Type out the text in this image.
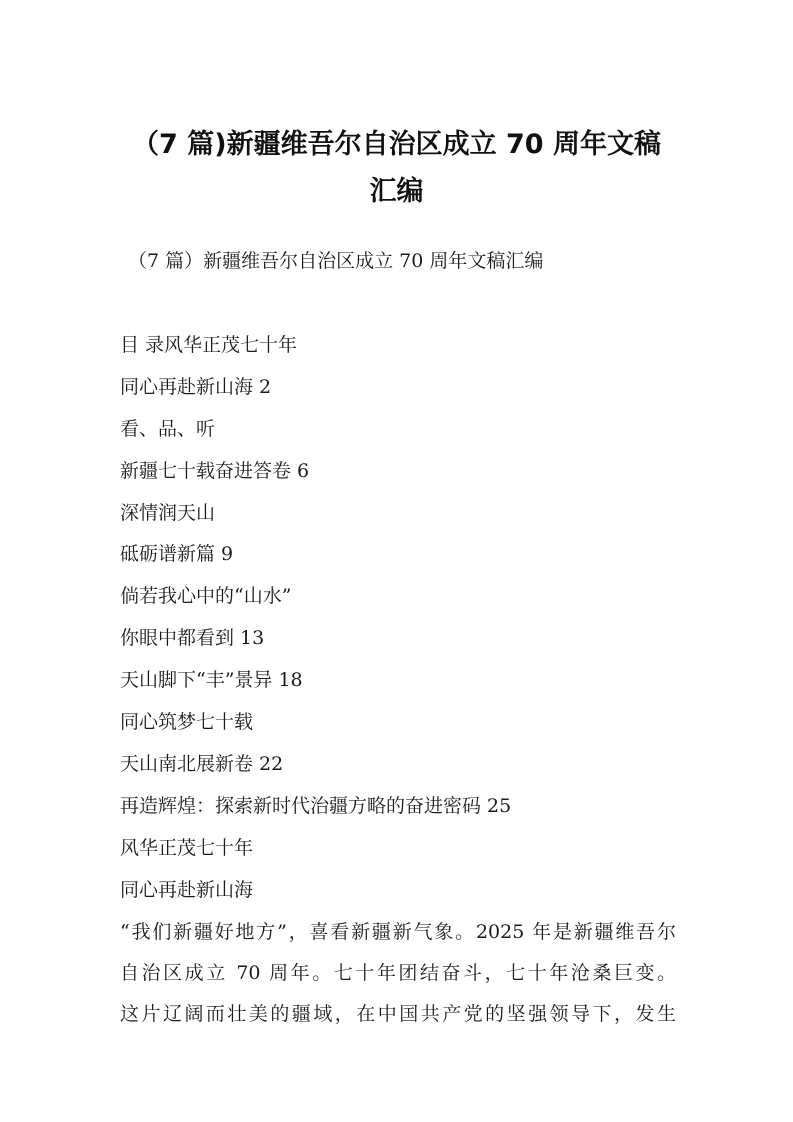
（7 篇)新疆维吾尔自治区成立 70 周年文稿
汇编

（7 篇）新疆维吾尔自治区成立 70 周年文稿汇编

目 录风华正茂七十年
同心再赴新山海 2
看、品、听
新疆七十载奋进答卷 6
深情润天山
砥砺谱新篇 9
倘若我心中的“山水”
你眼中都看到 13
天山脚下“丰”景异 18
同心筑梦七十载
天山南北展新卷 22
再造辉煌：探索新时代治疆方略的奋进密码 25
风华正茂七十年
同心再赴新山海

“我们新疆好地方”，喜看新疆新气象。2025 年是新疆维吾尔
自治区成立 70 周年。七十年团结奋斗，七十年沧桑巨变。
这片辽阔而壮美的疆域，在中国共产党的坚强领导下，发生
